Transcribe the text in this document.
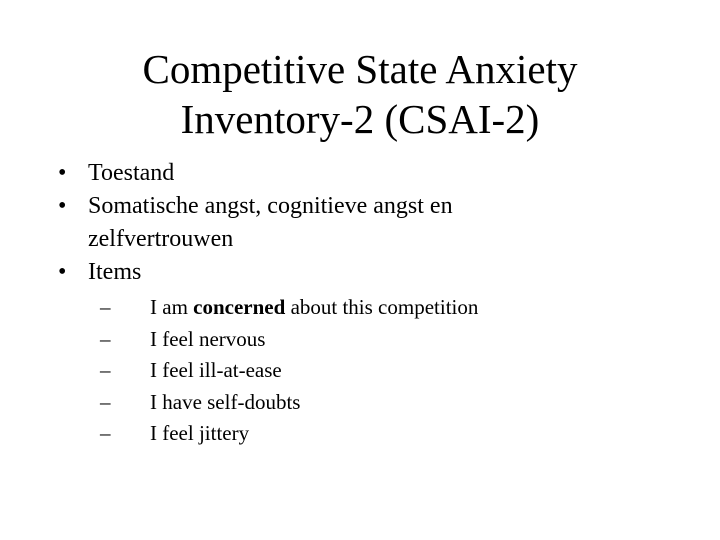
Competitive State Anxiety
Inventory-2 (CSAI-2)
• Toestand
• Somatische angst, cognitieve angst en
zelfvertrouwen
• Items
– I am concerned about this competition
– I feel nervous
– I feel ill-at-ease
– I have self-doubts
– I feel jittery
